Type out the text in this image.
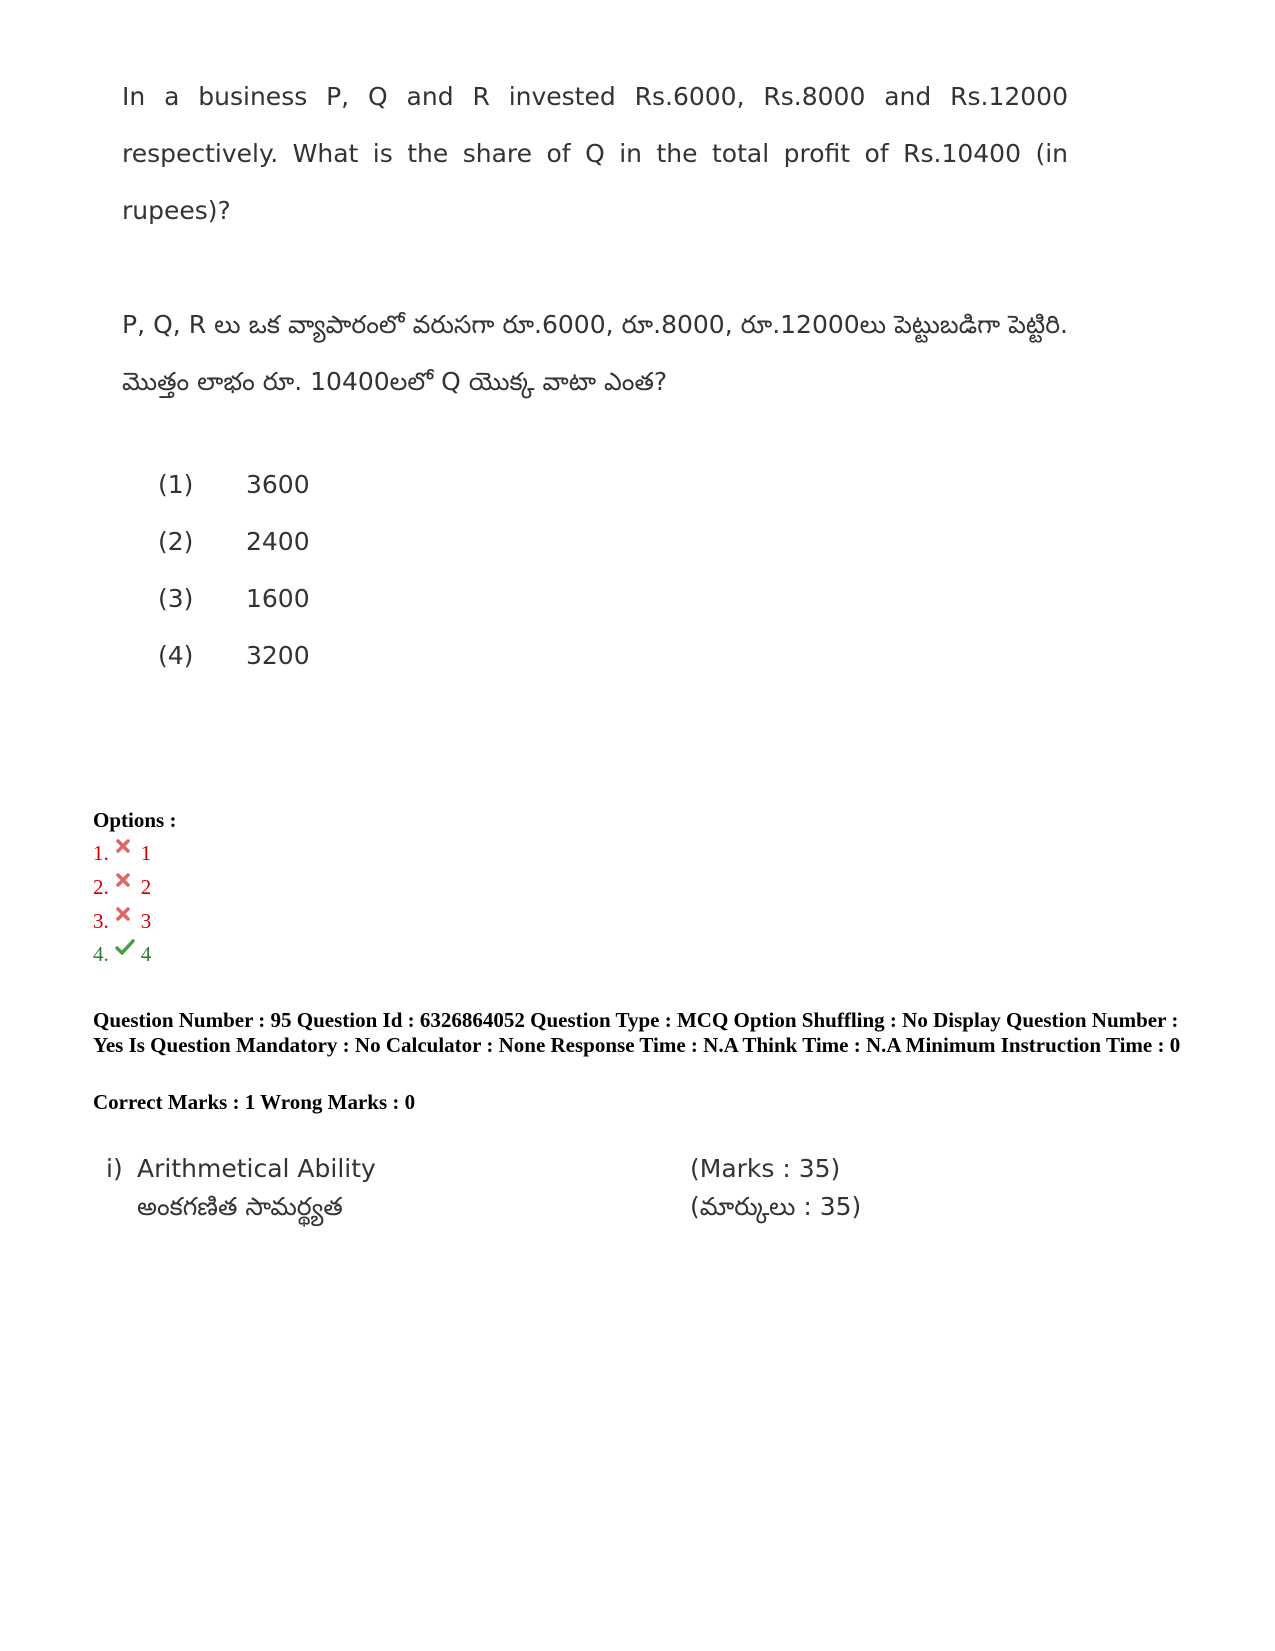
In a business P, Q and R invested Rs.6000, Rs.8000 and Rs.12000 respectively. What is the share of Q in the total profit of Rs.10400 (in rupees)?
P, Q, R లు ఒక వ్యాపారంలో వరుసగా రూ.6000, రూ.8000, రూ.12000లు పెట్టుబడిగా పెట్టిరి. మొత్తం లాభం రూ. 10400లలో Q యొక్క వాటా ఎంత?
(1) 3600
(2) 2400
(3) 1600
(4) 3200
Options :
1. 1
2. 2
3. 3
4. 4
Question Number : 95 Question Id : 6326864052 Question Type : MCQ Option Shuffling : No Display Question Number : Yes Is Question Mandatory : No Calculator : None Response Time : N.A Think Time : N.A Minimum Instruction Time : 0
Correct Marks : 1 Wrong Marks : 0
i) Arithmetical Ability
అంకగణిత సామర్థ్యత
(Marks : 35)
(మార్కులు : 35)
